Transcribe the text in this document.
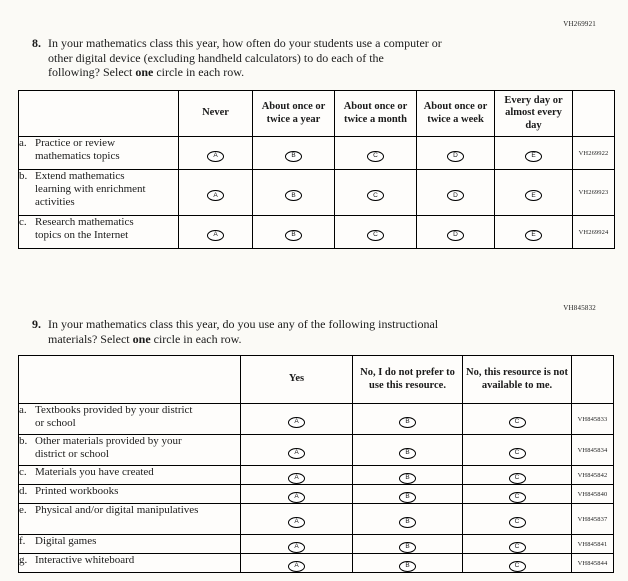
VH269921
8. In your mathematics class this year, how often do your students use a computer or
other digital device (excluding handheld calculators) to do each of the
following? Select one circle in each row.

	Never	About once or twice a year	About once or twice a month	About once or twice a week	Every day or almost every day	

a. Practice or review mathematics topics	A	B	C	D	E	VH269922

b. Extend mathematics learning with enrichment activities	A	B	C	D	E	VH269923

c. Research mathematics topics on the Internet	A	B	C	D	E	VH269924
VH845832
9. In your mathematics class this year, do you use any of the following instructional
materials? Select one circle in each row.

	Yes	No, I do not prefer to use this resource.	No, this resource is not available to me.	

a. Textbooks provided by your district or school	A	B	C	VH845833

b. Other materials provided by your district or school	A	B	C	VH845834

c. Materials you have created	A	B	C	VH845842

d. Printed workbooks	A	B	C	VH845840

e. Physical and/or digital manipulatives	A	B	C	VH845837

f. Digital games	A	B	C	VH845841

g. Interactive whiteboard	A	B	C	VH845844
